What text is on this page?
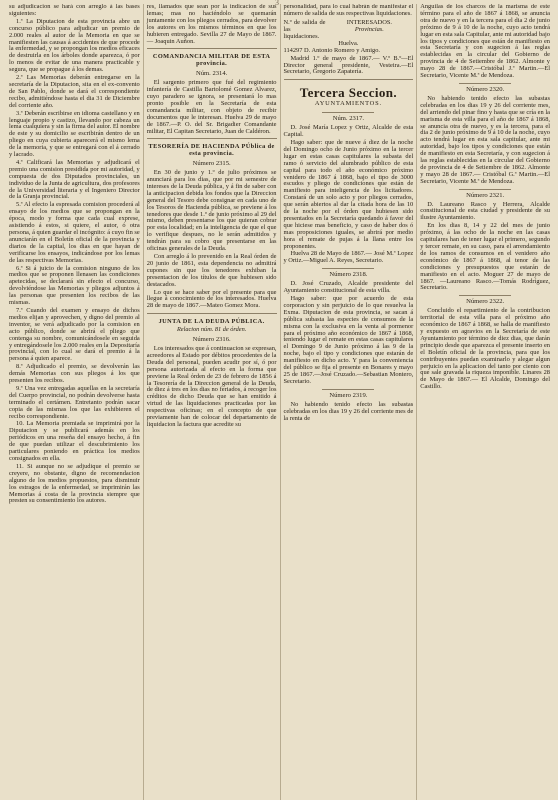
3

su adjudicacion se hará con arreglo á las bases siguientes:

1.ª La Diputacion de esta provincia abre un concurso público para adjudicar un premio de 2.000 reales al autor de la Memoria en que se manifiesten las causas á accidentes de que procede la enfermedad, y se propongan los medios eficaces de destruirla en los árboles donde aparezca, ó por lo menos de evitar de una manera practicable y segura, que se propague á los demas.

2.ª Las Memorias deberán entregarse en la secretaría de la Diputacion, sita en el ex-convento de San Pablo, donde se dará el correspondiente recibo, admitiéndose hasta el dia 31 de Diciembre del corriente año.

3.ª Deberán escribirse en idioma castellano y en lenguaje propio y castizo, llevando por cabeza un lema cualquiera y sin la firma del autor. El nombre de este y su domicilio se escribirán dentro de un pliego en cuya cubierta aparecerá el mismo lema de la memoria, y que se entregará con el á cerrado y lacrado.

4.ª Calificará las Memorias y adjudicará el premio una comision presidida por mi autoridad, y compuesta de dos Diputados provinciales, un individuo de la Junta de agricultura, dos profesores de la Universidad literaria y el Ingeniero Director de la Granja provincial.

5.ª Al efecto la espresada comision procederá al ensayo de los medios que se propongan en la época, modo y forma que cada cual exprese, asistiendo á estos, si quiere, el autor, ó otra persona, á quien guardar el incógnito: á cuyo fin se anunciarán en el Boletín oficial de la provincia y diarios de la capital, los dias en que hayan de verificarse los ensayos, indicándose por los lemas de las respectivas Memorias.

6.ª Si á juicio de la comision ninguno de los medios que se proponen llenasen las condiciones apetecidas, se declarará sin efecto el concurso, devolviéndose las Memorias y pliegos adjuntos á las personas que presenten los recibos de las mismas.

7.ª Cuando del examen y ensayo de dichos medios elijan y aprovechen, y digno del premio al inventor, se verá adjudicado por la comision en acto público, donde se abrirá el pliego que contenga su nombre, comunicándosele en seguida y entregándosele los 2.000 reales en la Depositaría provincial, con lo cual se dará el premio á la persona á quien aparece.

8.ª Adjudicado el premio, se devolverán las demás Memorias con sus pliegos á los que presenten los recibos.

9.ª Una vez entregadas aquellas en la secretaría del Cuerpo provincial, no podrán devolverse hasta terminado el certámen. Entretanto podrán sacar copia de las mismas los que las exhibieren el recibo correspondiente.

10. La Memoria premiada se imprimirá por la Diputacion y se publicará además en los periódicos en una reseña del ensayo hecho, á fin de que puedan utilizar el descubrimiento los particulares poniendo en práctica los medios consignados en ella.

11. Si aunque no se adjudique el premio se creyere, no obstante, digno de recomendacion alguno de los medios propuestos, para disminuir los estragos de la enfermedad, se imprimirán las Memorias á costa de la provincia siempre que presten su consentimiento los autores.

res, llamados que sean por la indicacion de sus lemas; mas no haciéndolo se quemarán juntamente con los pliegos cerrados, para devolver los autores en los mismos términos en que los hubieren entregado. Sevilla 27 de Mayo de 1867.— Joaquin Auñon.

COMANDANCIA MILITAR DE ESTA provincia.
Núm. 2314.

El sargento primero que fué del regimiento infantería de Castilla Bartolomé Gomez Alvarez, cuyo paradero se ignora, se presentará lo mas pronto posible en la Secretaría de esta comandancia militar, con objeto de recibir documentos que le interesan. Huelva 29 de mayo de 1867.—P. O. del Sr. Brigadier Comandante militar, El Capitan Secretario, Juan de Caldéron.

TESORERÍA DE HACIENDA PÚblica de esta provincia.
Número 2315.

En 30 de junio y 1.º de julio próximos se anunciará para los dias, que por mi semestre de intereses de la Deuda pública, y á fin de saber con la anticipacion debida los fondos que la Direccion general del Tesoro debe consignar en cada uno de los Tesoros de Hacienda pública, se previene á los tenedores que desde 1.º de junio próximo al 29 del mismo, deben presentarse los que quieran cobrar por esta localidad; en la inteligencia de que el que lo verifique despues, no le serán admitidos y tendrán para su cobro que presentarse en las oficinas generales de la Deuda.

Con arreglo á lo prevenido en la Real órden de 20 junio de 1861, esta dependencia no admitirá cupones sin que los tenedores exhiban la presentacion de los títulos de que hubiesen sido destacados.

Lo que se hace saber por el presente para que llegue á conocimiento de los interesados. Huelva 28 de mayo de 1867.—Mateo Gomez Mora.

JUNTA DE LA DEUDA PÚBLICA.
Relacion núm. 81 de órden.
Número 2316.

Los interesados que á continuacion se expresan, acreedores al Estado por débitos procedentes de la Deuda del personal, pueden acudir por sí, ó por persona autorizada al efecto en la forma que previene la Real órden de 23 de febrero de 1856 á la Tesorería de la Direccion general de la Deuda, de diez á tres en los dias no feriados, á recoger los créditos de dicho Deuda que se han emitido á virtud de las liquidaciones practicadas por las respectivas oficinas; en el concepto de que previamente han de colocar del departamento de liquidacion la factura que acredite su

personalidad, para lo cual habrán de manifestar el número de salida de sus respectivas liquidaciones.

N.º de salida de las liquidaciones.
INTERESADOS.
Provincias.
Huelva.

114297 D. Antonio Romero y Amigo.

Madrid 1.º de mayo de 1867.— V.º B.º—El Director general presidente, Vesteira.—El Secretario, Gregorio Zapatería.

Tercera Seccion.
AYUNTAMIENTOS.
Núm. 2317.

D. José María Lopez y Ortiz, Alcalde de esta Capital.

Hago saber: que de nueve á diez de la noche del Domingo ocho de Junio próximo en la tercer lugar en estas casas capitulares la subasta del ramo ó servicio del alumbrado público de esta capital para todo el año económico próximo venidero de 1867 á 1868, bajo el tipo de 3000 escudos y pliego de condiciones que están de manifiesto para inteligencia de los licitadores. Constará de un solo acto y por pliegos cerrados, que serán abiertos al dar la citada hora de las 10 de la noche por el órden que hubiesen sido presentados en la Secretaría quedando á favor del que hiciese mas beneficio, y caso de haber dos ó mas proposiciones iguales, se abrirá por medio hora el remate de pujas á la llana entre los proponentes.

Huelva 28 de Mayo de 1867.— José M.ª Lopez y Ortiz.—Miguel A. Reyes, Secretario.

Número 2318.

D. José Cruzado, Alcalde presidente del Ayuntamiento constitucional de esta villa.

Hago saber: que por acuerdo de esta corporacion y sin perjuicio de lo que resuelva la Exma. Diputacion de esta provincia, se sacan á pública subasta las especies de consumos de la misma con la exclusiva en la venta al pormenor para el próximo año económico de 1867 á 1868, teniendo lugar el remate en estas casas capitulares el Domingo 9 de Junio próximo á las 9 de la noche, bajo el tipo y condiciones que estarán de manifiesto en dicho acto. Y para la conveniencia del público se fija el presente en Bonares y mayo 25 de 1867.—José Cruzado.—Sebastian Montero, Secretario.

Número 2319.

No habiendo tenido efecto las subastas celebradas en los dias 19 y 26 del corriente mes de la renta de

Anguilas de los charcos de la marisma de este término para el año de 1867 á 1868, se anuncia otra de nuevo y en la tercera para el dia 2 de junio próximo de 9 á 10 de la noche, cuyo acto tendrá lugar en esta sala Capitular, ante mi autoridad bajo los tipos y condiciones que están de manifiesto en esta Secretaría y con sugecion á las reglas establecidas en la circular del Gobierno de provincia de 4 de Setiembre de 1862. Almonte y mayo 28 de 1867.—Cristóbal J.ª Martin.—El Secretario, Vicente M.ª de Mendoza.

Número 2320.

No habiendo tenido efecto las subastas celebradas en los dias 19 y 26 del corriente mes, del arriendo del pinar fino y hasta que se cría en la marisma de esta villa para el año de 1867 á 1868, se anuncia otra de nuevo, y es la tercera, para el dia 2 de junio próximo de 9 á 10 de la noche, cuyo acto tendrá lugar en esta sala capitular, ante mi autoridad, bajo los tipos y condiciones que están de manifiesto en esta Secretaría, y con sugecion á las reglas establecidas en la circular del Gobierno de provincia de 4 de Setiembre de 1862. Almonte y mayo 28 de 1867.— Cristóbal G.ª Martin.—El Secretario, Vicente M.ª de Mendoza.

Número 2321.

D. Laureano Rasco y Herrera, Alcalde constitucional de esta ciudad y presidente de su ilustre Ayuntamiento.

En los dias 8, 14 y 22 del mes de junio próximo, á las ocho de la noche en las casas capitulares han de tener lugar el primero, segundo y tercer remate, en su caso, para el arrendamiento de los ramos de consumos en el venidero año económico de 1867 á 1868, al tenor de las condiciones y presupuestos que estarán de manifiesto en el acto. Moguer 27 de mayo de 1867. —Laureano Rasco.—Tomás Rodríguez, Secretario.

Número 2322.

Concluido el repartimiento de la contribucion territorial de esta villa para el próximo año económico de 1867 á 1868, se halla de manifiesto y expuesto en agravios en la Secretaría de este Ayuntamiento por término de diez dias, que darán principio desde que aparezca el presente inserto en el Boletín oficial de la provincia, para que los contribuyentes puedan examinarlo y alegar algun perjuicio en la aplicacion del tanto por ciento con que sale gravada la riqueza imponible. Linares 28 de Mayo de 1867.— El Alcalde, Domingo del Castillo.
